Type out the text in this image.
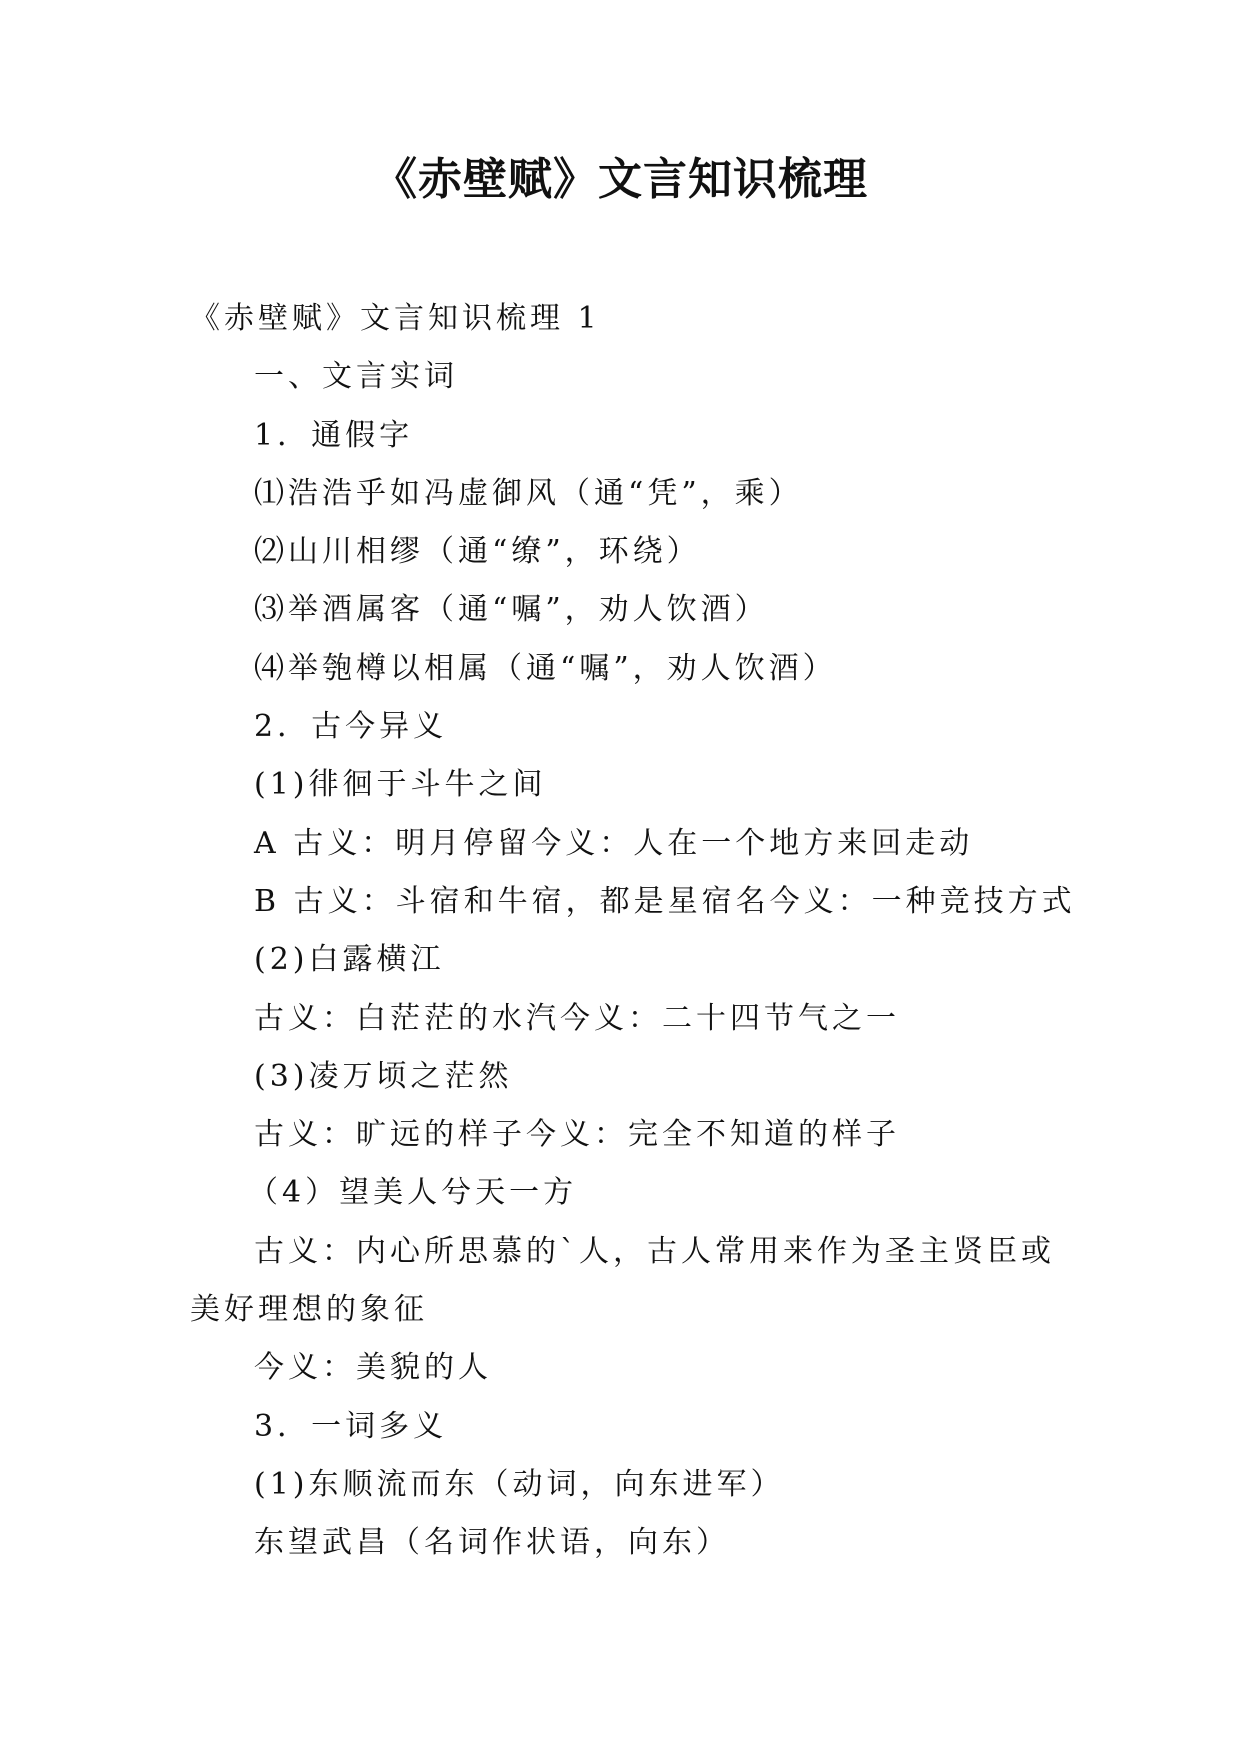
《赤壁赋》文言知识梳理
《赤壁赋》文言知识梳理 1
一、文言实词
1．通假字
⑴浩浩乎如冯虚御风（通“凭”，乘）
⑵山川相缪（通“缭”，环绕）
⑶举酒属客（通“嘱”，劝人饮酒）
⑷举匏樽以相属（通“嘱”，劝人饮酒）
2．古今异义
(1)徘徊于斗牛之间
A 古义：明月停留今义：人在一个地方来回走动
B 古义：斗宿和牛宿，都是星宿名今义：一种竞技方式
(2)白露横江
古义：白茫茫的水汽今义：二十四节气之一
(3)凌万顷之茫然
古义：旷远的样子今义：完全不知道的样子
（4）望美人兮天一方
古义：内心所思慕的`人，古人常用来作为圣主贤臣或
美好理想的象征
今义：美貌的人
3．一词多义
(1)东顺流而东（动词，向东进军）
东望武昌（名词作状语，向东）
